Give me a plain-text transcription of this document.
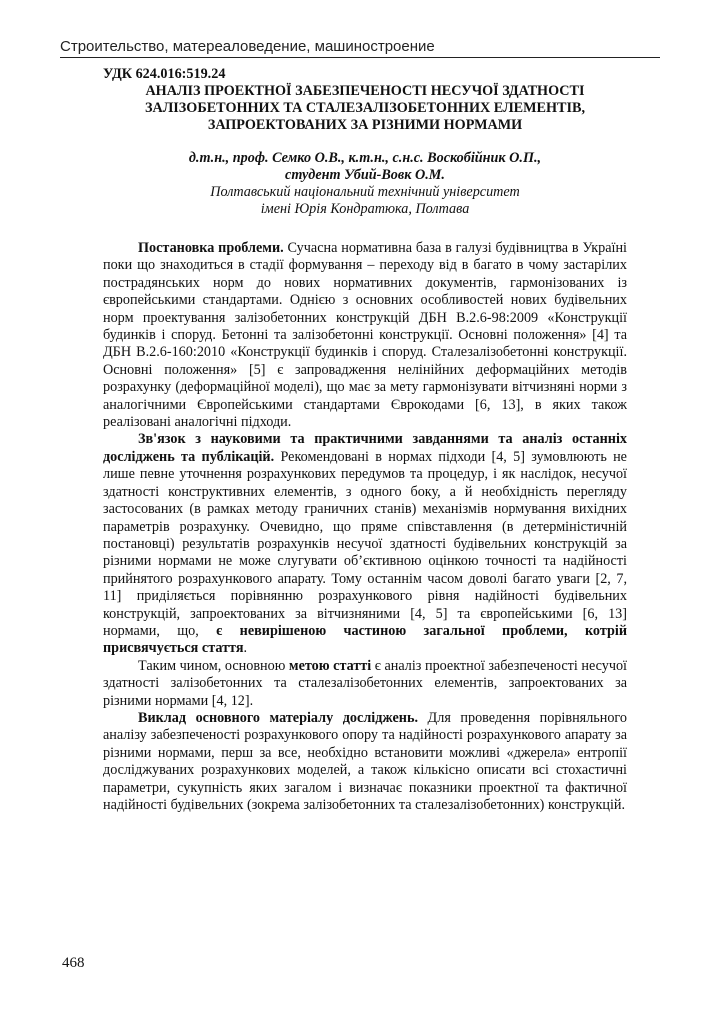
Строительство, матереаловедение, машиностроение

УДК 624.016:519.24

АНАЛІЗ ПРОЕКТНОЇ ЗАБЕЗПЕЧЕНОСТІ НЕСУЧОЇ ЗДАТНОСТІ
ЗАЛІЗОБЕТОННИХ ТА СТАЛЕЗАЛІЗОБЕТОННИХ ЕЛЕМЕНТІВ,
ЗАПРОЕКТОВАНИХ ЗА РІЗНИМИ НОРМАМИ
д.т.н., проф. Семко О.В., к.т.н., с.н.с. Воскобійник О.П.,
студент Убий-Вовк О.М.
Полтавський національний технічний університет
імені Юрія Кондратюка, Полтава

Постановка проблеми. Сучасна нормативна база в галузі будівництва в Україні поки що знаходиться в стадії формування – переходу від в багато в чому застарілих пострадянських норм до нових нормативних документів, гармонізованих із європейськими стандартами. Однією з основних особливостей нових будівельних норм проектування залізобетонних конструкцій ДБН В.2.6-98:2009 «Конструкції будинків і споруд. Бетонні та залізобетонні конструкції. Основні положення» [4] та ДБН В.2.6-160:2010 «Конструкції будинків і споруд. Сталезалізобетонні конструкції. Основні положення» [5] є запровадження нелінійних деформаційних методів розрахунку (деформаційної моделі), що має за мету гармонізувати вітчизняні норми з аналогічними Європейськими стандартами Єврокодами [6, 13], в яких також реалізовані аналогічні підходи.

Зв'язок з науковими та практичними завданнями та аналіз останніх досліджень та публікацій. Рекомендовані в нормах підходи [4, 5] зумовлюють не лише певне уточнення розрахункових передумов та процедур, і як наслідок, несучої здатності конструктивних елементів, з одного боку, а й необхідність перегляду застосованих (в рамках методу граничних станів) механізмів нормування вихідних параметрів розрахунку. Очевидно, що пряме співставлення (в детерміністичній постановці) результатів розрахунків несучої здатності будівельних конструкцій за різними нормами не може слугувати об’єктивною оцінкою точності та надійності прийнятого розрахункового апарату. Тому останнім часом доволі багато уваги [2, 7, 11] приділяється порівнянню розрахункового рівня надійності будівельних конструкцій, запроектованих за вітчизняними [4, 5] та європейськими [6, 13] нормами, що, є невирішеною частиною загальної проблеми, котрій присвячується стаття.

Таким чином, основною метою статті є аналіз проектної забезпеченості несучої здатності залізобетонних та сталезалізобетонних елементів, запроектованих за різними нормами [4, 12].

Виклад основного матеріалу досліджень. Для проведення порівняльного аналізу забезпеченості розрахункового опору та надійності розрахункового апарату за різними нормами, перш за все, необхідно встановити можливі «джерела» ентропії досліджуваних розрахункових моделей, а також кількісно описати всі стохастичні параметри, сукупність яких загалом і визначає показники проектної та фактичної надійності будівельних (зокрема залізобетонних та сталезалізобетонних) конструкцій.

468
